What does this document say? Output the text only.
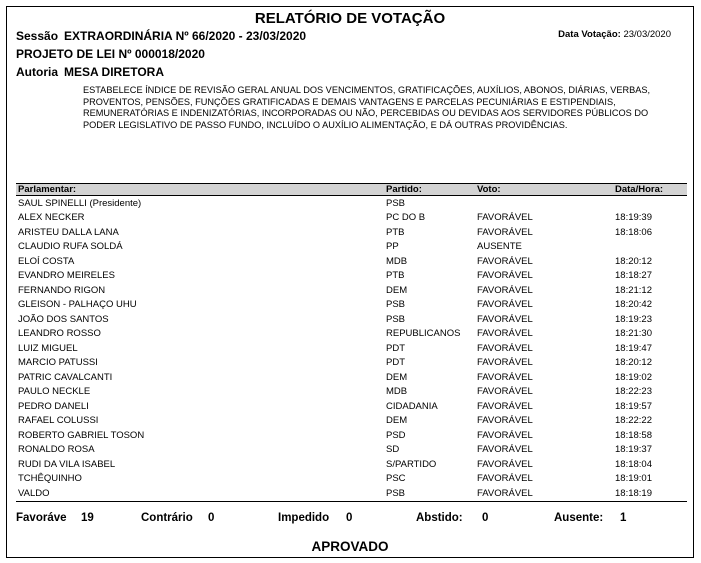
RELATÓRIO DE VOTAÇÃO
Sessão EXTRAORDINÁRIA Nº 66/2020 - 23/03/2020	Data Votação: 23/03/2020
PROJETO DE LEI Nº 000018/2020
Autoria MESA DIRETORA
ESTABELECE ÍNDICE DE REVISÃO GERAL ANUAL DOS VENCIMENTOS, GRATIFICAÇÕES, AUXÍLIOS, ABONOS, DIÁRIAS, VERBAS, PROVENTOS, PENSÕES, FUNÇÕES GRATIFICADAS E DEMAIS VANTAGENS E PARCELAS PECUNIÁRIAS E ESTIPENDIAIS, REMUNERATÓRIAS E INDENIZATÓRIAS, INCORPORADAS OU NÃO, PERCEBIDAS OU DEVIDAS AOS SERVIDORES PÚBLICOS DO PODER LEGISLATIVO DE PASSO FUNDO, INCLUÍDO O AUXÍLIO ALIMENTAÇÃO, E DÁ OUTRAS PROVIDÊNCIAS.
Parlamentar:	Partido:	Voto:	Data/Hora:
SAUL SPINELLI (Presidente)	PSB
ALEX NECKER	PC DO B	FAVORÁVEL	18:19:39
ARISTEU DALLA LANA	PTB	FAVORÁVEL	18:18:06
CLAUDIO RUFA SOLDÁ	PP	AUSENTE
ELOÍ COSTA	MDB	FAVORÁVEL	18:20:12
EVANDRO MEIRELES	PTB	FAVORÁVEL	18:18:27
FERNANDO RIGON	DEM	FAVORÁVEL	18:21:12
GLEISON - PALHAÇO UHU	PSB	FAVORÁVEL	18:20:42
JOÃO DOS SANTOS	PSB	FAVORÁVEL	18:19:23
LEANDRO ROSSO	REPUBLICANOS	FAVORÁVEL	18:21:30
LUIZ MIGUEL	PDT	FAVORÁVEL	18:19:47
MARCIO PATUSSI	PDT	FAVORÁVEL	18:20:12
PATRIC CAVALCANTI	DEM	FAVORÁVEL	18:19:02
PAULO NECKLE	MDB	FAVORÁVEL	18:22:23
PEDRO DANELI	CIDADANIA	FAVORÁVEL	18:19:57
RAFAEL COLUSSI	DEM	FAVORÁVEL	18:22:22
ROBERTO GABRIEL TOSON	PSD	FAVORÁVEL	18:18:58
RONALDO ROSA	SD	FAVORÁVEL	18:19:37
RUDI DA VILA ISABEL	S/PARTIDO	FAVORÁVEL	18:18:04
TCHÊQUINHO	PSC	FAVORÁVEL	18:19:01
VALDO	PSB	FAVORÁVEL	18:18:19
Favoráve 19	Contrário 0	Impedido 0	Abstido: 0	Ausente: 1
APROVADO
